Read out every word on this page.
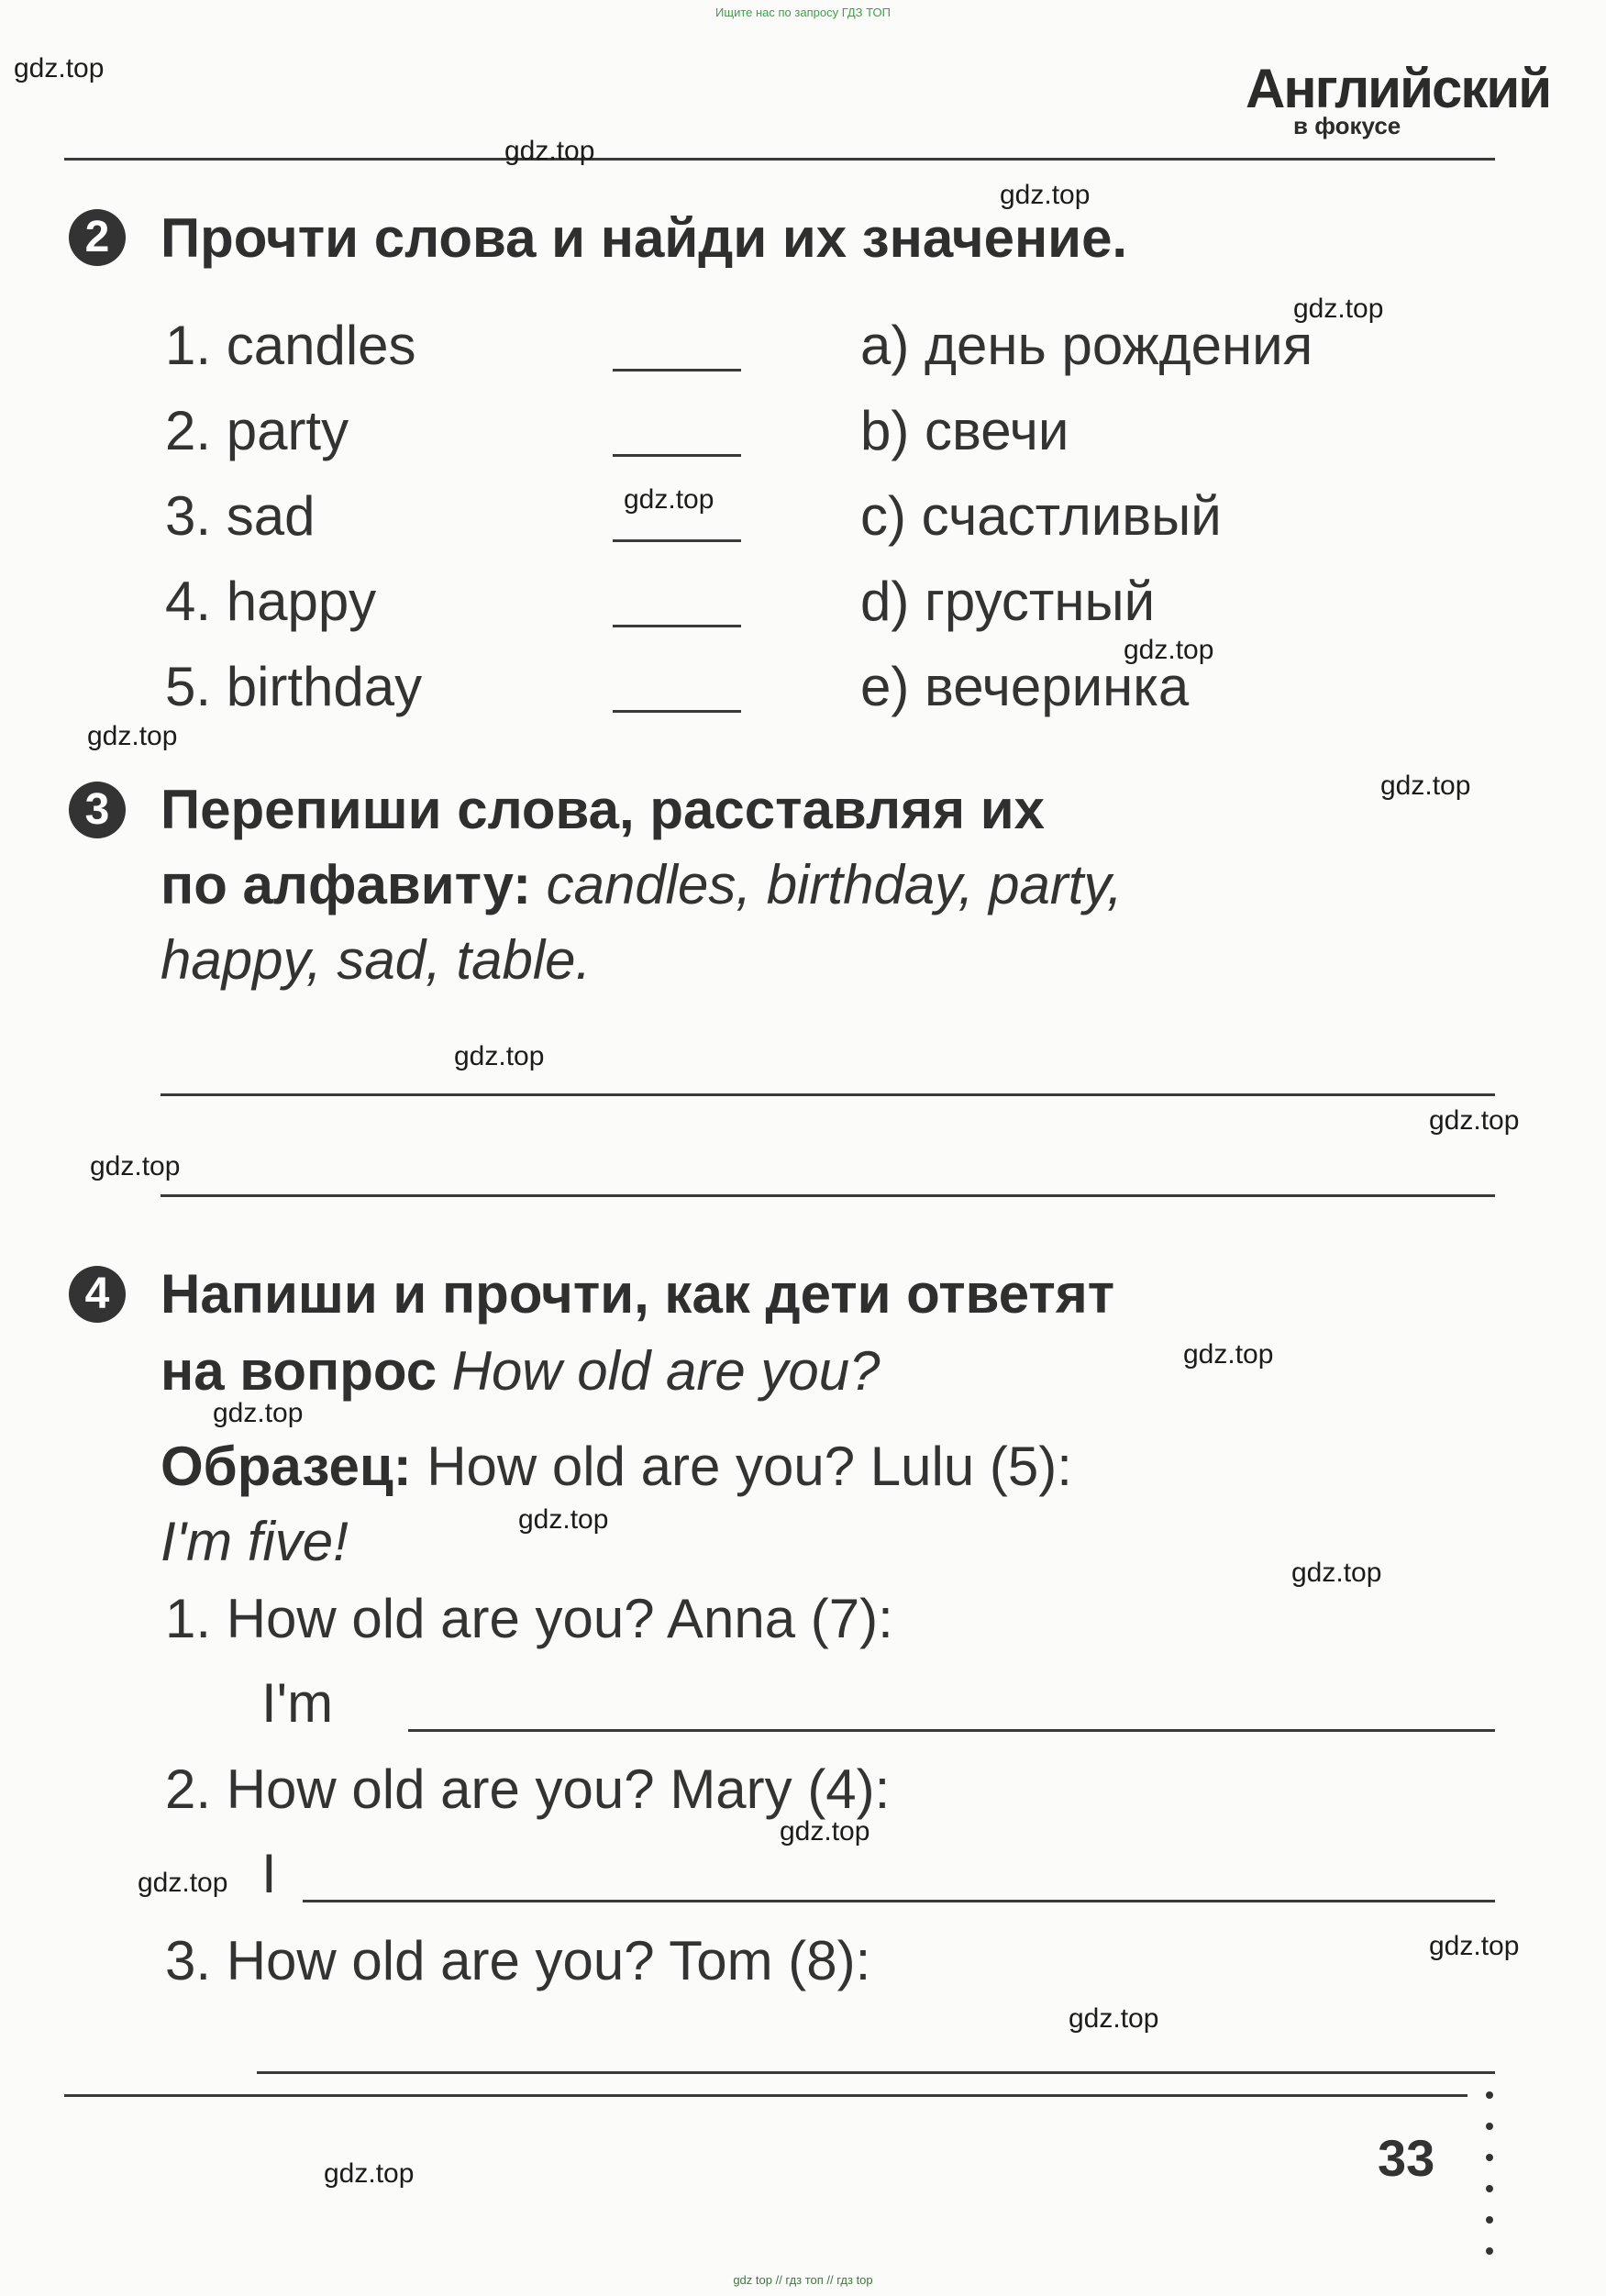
Ищите нас по запросу ГДЗ ТОП
Английский
в фокусе
2 Прочти слова и найди их значение.
1. candles
2. party
3. sad
4. happy
5. birthday
a) день рождения
b) свечи
c) счастливый
d) грустный
e) вечеринка
3 Перепиши слова, расставляя их
по алфавиту: candles, birthday, party,
happy, sad, table.
4 Напиши и прочти, как дети ответят
на вопрос How old are you?
Образец: How old are you? Lulu (5):
I'm five!
1. How old are you? Anna (7):
I'm
2. How old are you? Mary (4):
I
3. How old are you? Tom (8):
33
gdz.top
gdz.top
gdz.top
gdz.top
gdz.top
gdz.top
gdz.top
gdz.top
gdz.top
gdz.top
gdz.top
gdz.top
gdz.top
gdz.top
gdz.top
gdz.top
gdz.top
gdz.top
gdz.top
gdz.top
gdz top // гдз топ // гдз top
